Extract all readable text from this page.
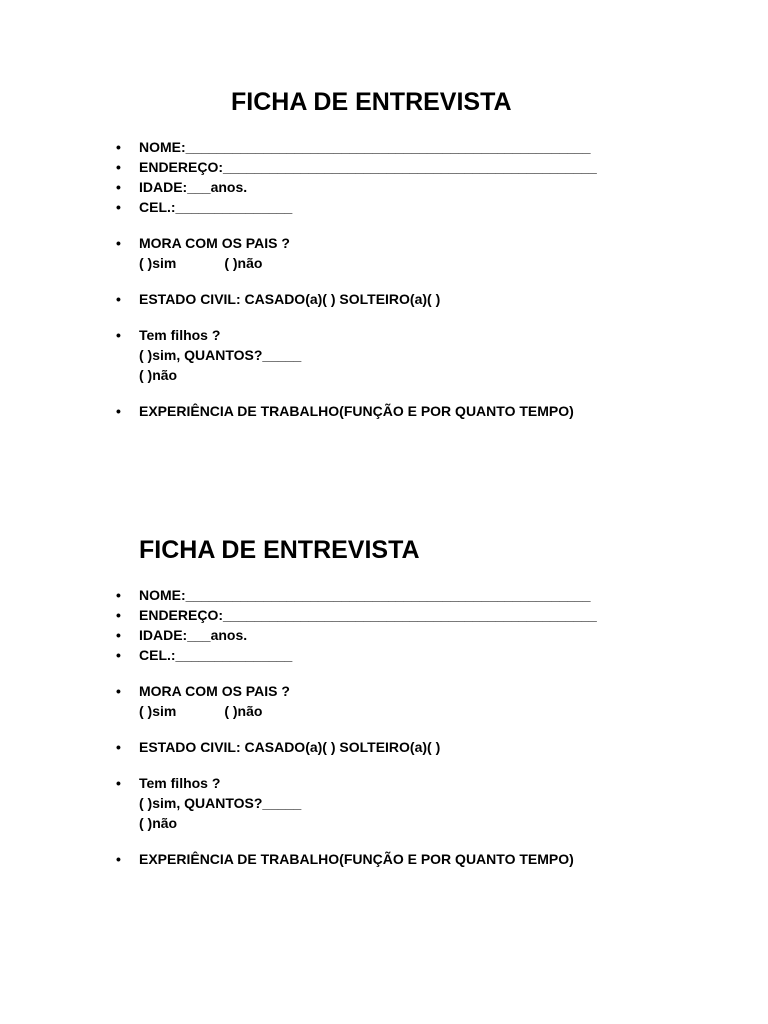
FICHA DE ENTREVISTA
• NOME:____________________________________________________
• ENDEREÇO:________________________________________________
• IDADE:___anos.
• CEL.:_______________
• MORA COM OS PAIS ?
( )sim	( )não
• ESTADO CIVIL: CASADO(a)( ) SOLTEIRO(a)( )
• Tem filhos ?
( )sim, QUANTOS?_____
( )não
• EXPERIÊNCIA DE TRABALHO(FUNÇÃO E POR QUANTO TEMPO)
FICHA DE ENTREVISTA
• NOME:____________________________________________________
• ENDEREÇO:________________________________________________
• IDADE:___anos.
• CEL.:_______________
• MORA COM OS PAIS ?
( )sim	( )não
• ESTADO CIVIL: CASADO(a)( ) SOLTEIRO(a)( )
• Tem filhos ?
( )sim, QUANTOS?_____
( )não
• EXPERIÊNCIA DE TRABALHO(FUNÇÃO E POR QUANTO TEMPO)
